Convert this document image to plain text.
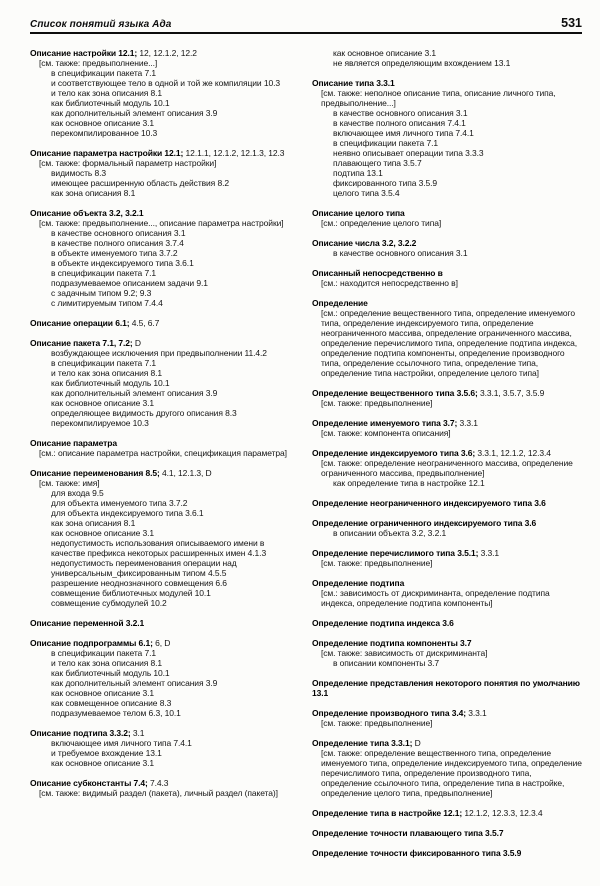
Список понятий языка Ада	531
Описание настройки 12.1; 12, 12.1.2, 12.2
[см. также: предвыполнение...]
в спецификации пакета 7.1
и соответствующее тело в одной и той же компиляции 10.3
и тело как зона описания 8.1
как библиотечный модуль 10.1
как дополнительный элемент описания 3.9
как основное описание 3.1
перекомпилированное 10.3
Описание параметра настройки 12.1; 12.1.1, 12.1.2, 12.1.3, 12.3
[см. также: формальный параметр настройки]
видимость 8.3
имеющее расширенную область действия 8.2
как зона описания 8.1
Описание объекта 3.2, 3.2.1
[см. также: предвыполнение..., описание параметра настройки]
в качестве основного описания 3.1
в качестве полного описания 3.7.4
в объекте именуемого типа 3.7.2
в объекте индексируемого типа 3.6.1
в спецификации пакета 7.1
подразумеваемое описанием задачи 9.1
с задачным типом 9.2; 9.3
с лимитируемым типом 7.4.4
Описание операции 6.1; 4.5, 6.7
Описание пакета 7.1, 7.2; D
возбуждающее исключения при предвыполнении 11.4.2
в спецификации пакета 7.1
и тело как зона описания 8.1
как библиотечный модуль 10.1
как дополнительный элемент описания 3.9
как основное описание 3.1
определяющее видимость другого описания 8.3
перекомпилируемое 10.3
Описание параметра
[см.: описание параметра настройки, спецификация параметра]
Описание переименования 8.5; 4.1, 12.1.3, D
[см. также: имя]
для входа 9.5
для объекта именуемого типа 3.7.2
для объекта индексируемого типа 3.6.1
как зона описания 8.1
как основное описание 3.1
недопустимость использования описываемого имени в качестве префикса некоторых расширенных имен 4.1.3
недопустимость переименования операции над универсальным_фиксированным типом 4.5.5
разрешение неоднозначного совмещения 6.6
совмещение библиотечных модулей 10.1
совмещение субмодулей 10.2
Описание переменной 3.2.1
Описание подпрограммы 6.1; 6, D
в спецификации пакета 7.1
и тело как зона описания 8.1
как библиотечный модуль 10.1
как дополнительный элемент описания 3.9
как основное описание 3.1
как совмещенное описание 8.3
подразумеваемое телом 6.3, 10.1
Описание подтипа 3.3.2; 3.1
включающее имя личного типа 7.4.1
и требуемое вхождение 13.1
как основное описание 3.1
Описание субконстанты 7.4; 7.4.3
[см. также: видимый раздел (пакета), личный раздел (пакета)]
как основное описание 3.1
не является определяющим вхождением 13.1
Описание типа 3.3.1
[см. также: неполное описание типа, описание личного типа, предвыполнение...]
в качестве основного описания 3.1
в качестве полного описания 7.4.1
включающее имя личного типа 7.4.1
в спецификации пакета 7.1
неявно описывает операции типа 3.3.3
плавающего типа 3.5.7
подтипа 13.1
фиксированного типа 3.5.9
целого типа 3.5.4
Описание целого типа
[см.: определение целого типа]
Описание числа 3.2, 3.2.2
в качестве основного описания 3.1
Описанный непосредственно в
[см.: находится непосредственно в]
Определение
[см.: определение вещественного типа, определение именуемого типа, определение индексируемого типа, определение неограниченного массива, определение ограниченного массива, определение перечислимого типа, определение подтипа индекса, определение подтипа компоненты, определение производного типа, определение ссылочного типа, определение типа, определение типа настройки, определение целого типа]
Определение вещественного типа 3.5.6; 3.3.1, 3.5.7, 3.5.9
[см. также: предвыполнение]
Определение именуемого типа 3.7; 3.3.1
[см. также: компонента описания]
Определение индексируемого типа 3.6; 3.3.1, 12.1.2, 12.3.4
[см. также: определение неограниченного массива, определение ограниченного массива, предвыполнение]
как определение типа в настройке 12.1
Определение неограниченного индексируемого типа 3.6
Определение ограниченного индексируемого типа 3.6
в описании объекта 3.2, 3.2.1
Определение перечислимого типа 3.5.1; 3.3.1
[см. также: предвыполнение]
Определение подтипа
[см.: зависимость от дискриминанта, определение подтипа индекса, определение подтипа компоненты]
Определение подтипа индекса 3.6
Определение подтипа компоненты 3.7
[см. также: зависимость от дискриминанта]
в описании компоненты 3.7
Определение представления некоторого понятия по умолчанию 13.1
Определение производного типа 3.4; 3.3.1
[см. также: предвыполнение]
Определение типа 3.3.1; D
[см. также: определение вещественного типа, определение именуемого типа, определение индексируемого типа, определение перечислимого типа, определение производного типа, определение ссылочного типа, определение типа в настройке, определение целого типа, предвыполнение]
Определение типа в настройке 12.1; 12.1.2, 12.3.3, 12.3.4
Определение точности плавающего типа 3.5.7
Определение точности фиксированного типа 3.5.9
